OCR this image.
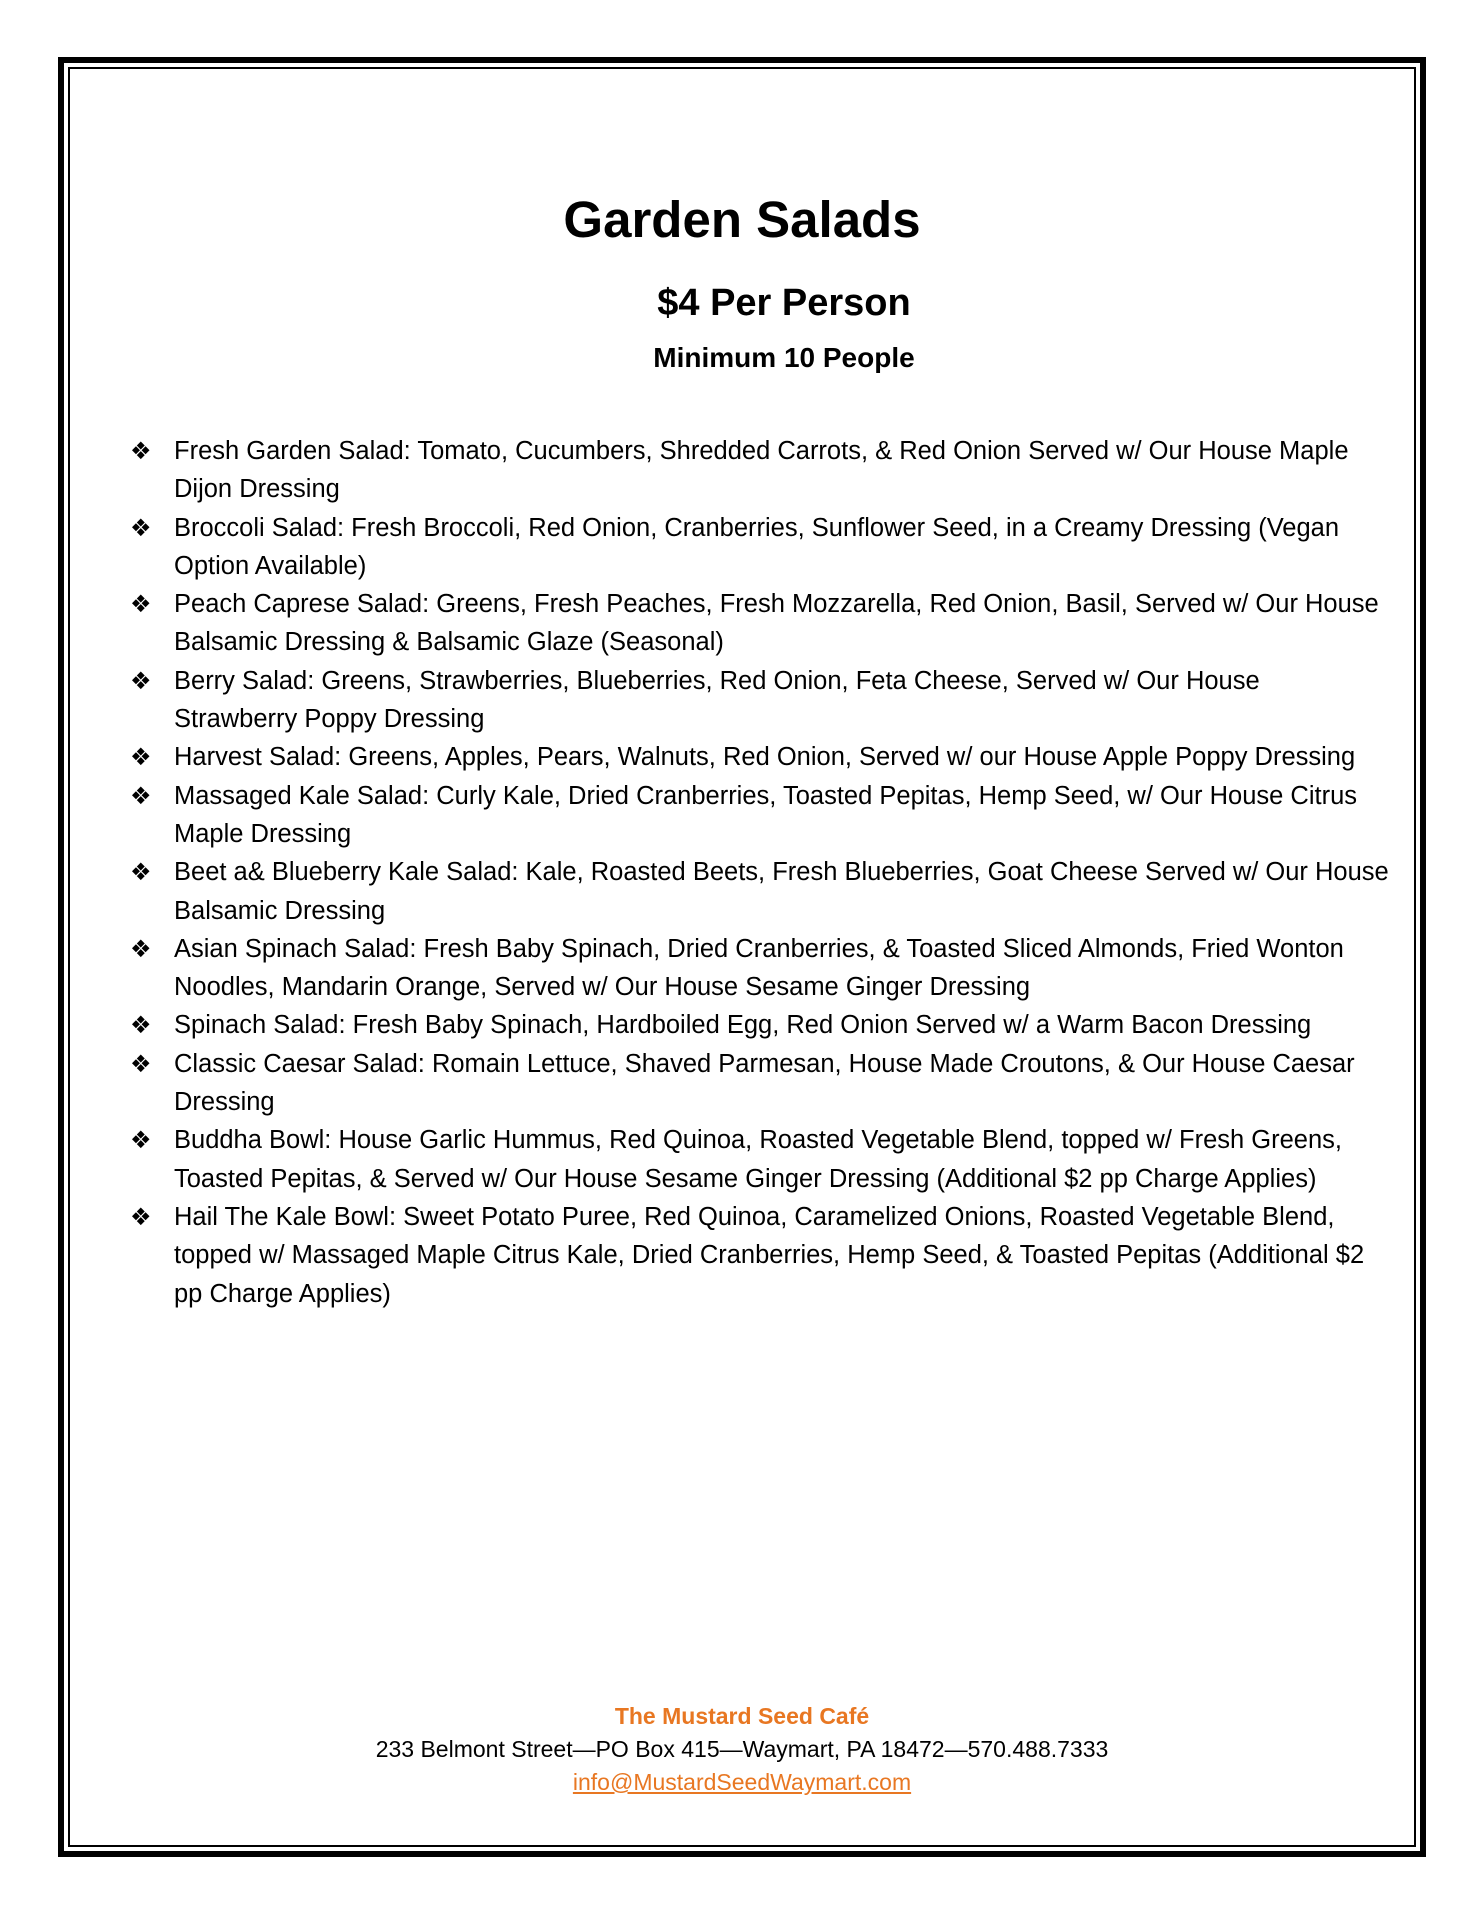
Garden Salads
$4 Per Person
Minimum 10 People
❖ Fresh Garden Salad: Tomato, Cucumbers, Shredded Carrots, & Red Onion Served w/ Our House Maple Dijon Dressing
❖ Broccoli Salad: Fresh Broccoli, Red Onion, Cranberries, Sunflower Seed, in a Creamy Dressing (Vegan Option Available)
❖ Peach Caprese Salad: Greens, Fresh Peaches, Fresh Mozzarella, Red Onion, Basil, Served w/ Our House Balsamic Dressing & Balsamic Glaze (Seasonal)
❖ Berry Salad: Greens, Strawberries, Blueberries, Red Onion, Feta Cheese, Served w/ Our House Strawberry Poppy Dressing
❖ Harvest Salad: Greens, Apples, Pears, Walnuts, Red Onion, Served w/ our House Apple Poppy Dressing
❖ Massaged Kale Salad: Curly Kale, Dried Cranberries, Toasted Pepitas, Hemp Seed, w/ Our House Citrus Maple Dressing
❖ Beet a& Blueberry Kale Salad: Kale, Roasted Beets, Fresh Blueberries, Goat Cheese Served w/ Our House Balsamic Dressing
❖ Asian Spinach Salad: Fresh Baby Spinach, Dried Cranberries, & Toasted Sliced Almonds, Fried Wonton Noodles, Mandarin Orange, Served w/ Our House Sesame Ginger Dressing
❖ Spinach Salad: Fresh Baby Spinach, Hardboiled Egg, Red Onion Served w/ a Warm Bacon Dressing
❖ Classic Caesar Salad: Romain Lettuce, Shaved Parmesan, House Made Croutons, & Our House Caesar Dressing
❖ Buddha Bowl: House Garlic Hummus, Red Quinoa, Roasted Vegetable Blend, topped w/ Fresh Greens, Toasted Pepitas, & Served w/ Our House Sesame Ginger Dressing (Additional $2 pp Charge Applies)
❖ Hail The Kale Bowl: Sweet Potato Puree, Red Quinoa, Caramelized Onions, Roasted Vegetable Blend, topped w/ Massaged Maple Citrus Kale, Dried Cranberries, Hemp Seed, & Toasted Pepitas (Additional $2 pp Charge Applies)
The Mustard Seed Café
233 Belmont Street—PO Box 415—Waymart, PA 18472—570.488.7333
info@MustardSeedWaymart.com
